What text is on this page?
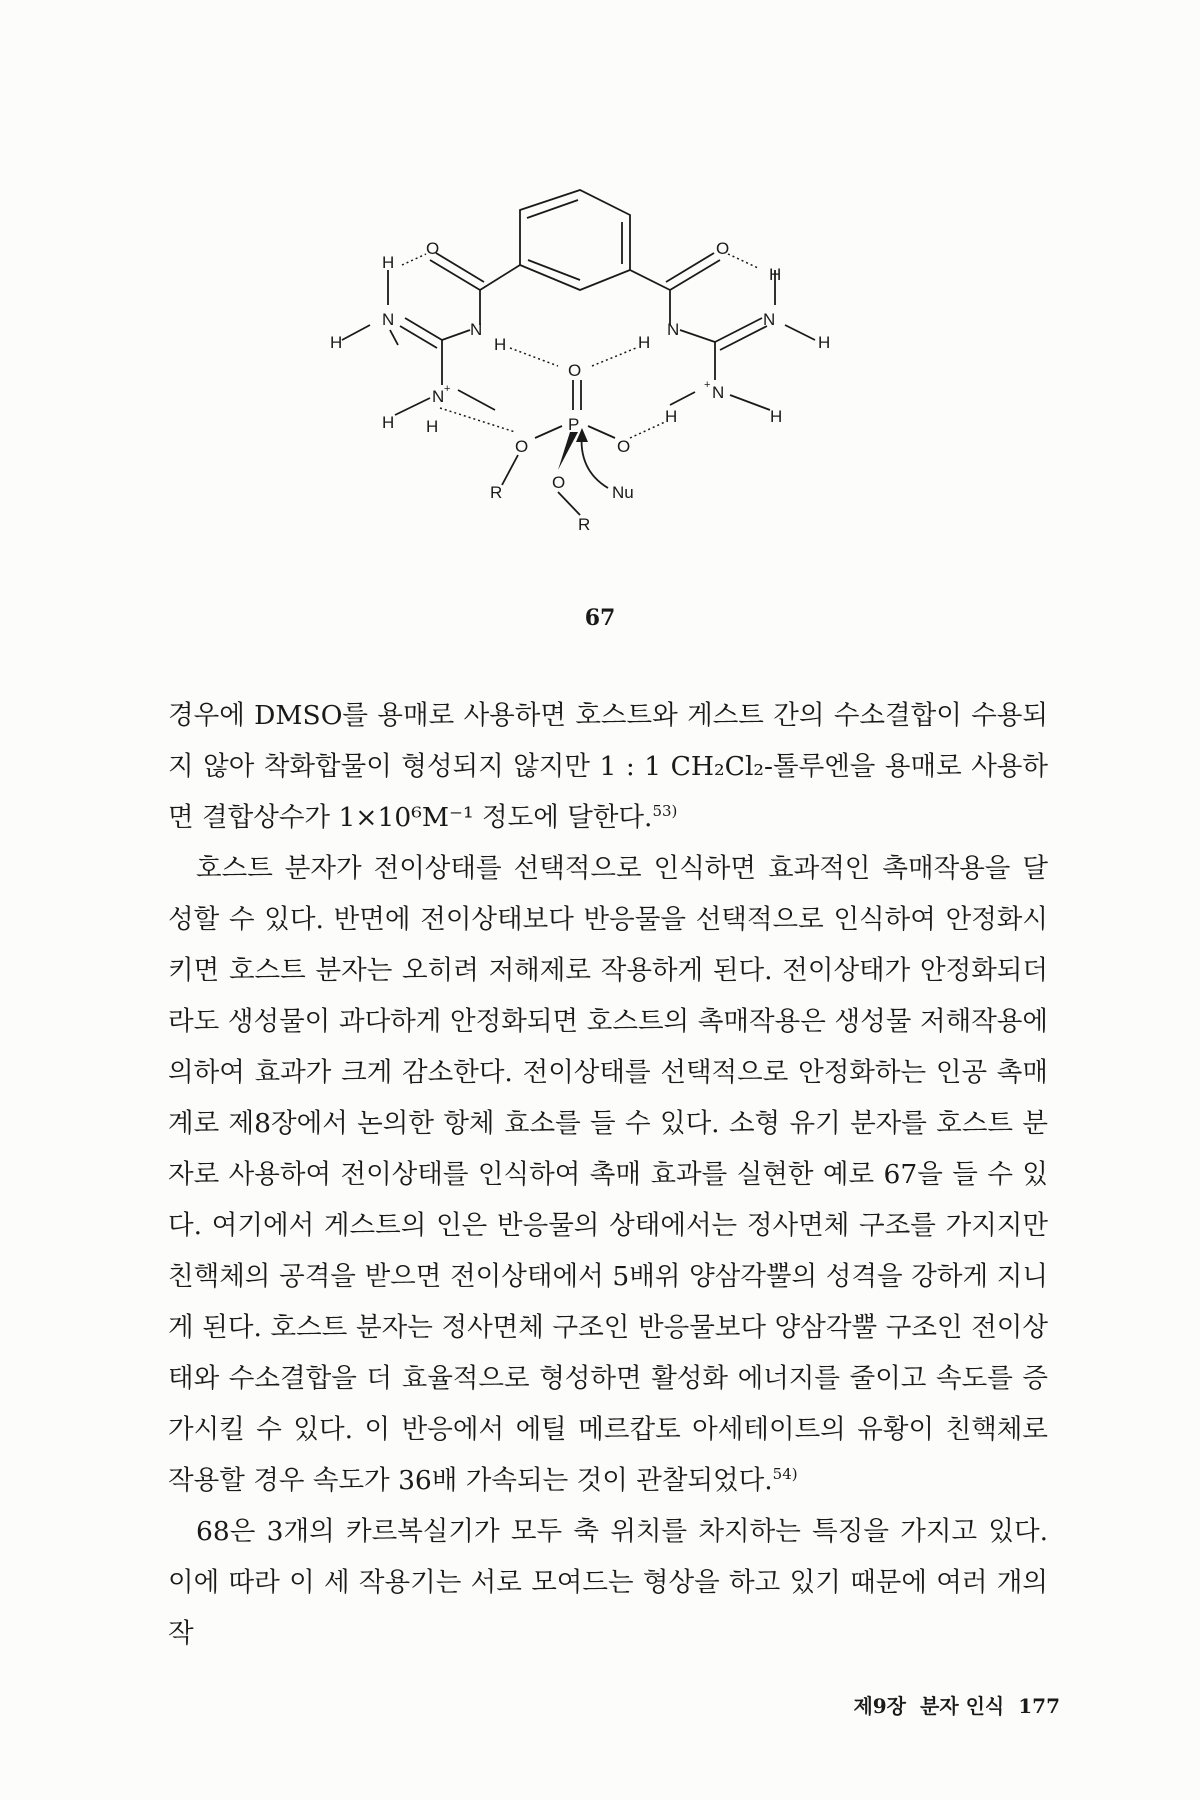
O	O
H
H
N
N	N
N
H	H
H	H
O
N +	N
+
H	H
H
H
P
O	O
R
O
Nu
R
67

경우에 DMSO를 용매로 사용하면 호스트와 게스트 간의 수소결합이 수용되지 않아 착화합물이 형성되지 않지만 1 : 1 CH₂Cl₂-톨루엔을 용매로 사용하면 결합상수가 1×10⁶M⁻¹ 정도에 달한다.$^{53)}$

호스트 분자가 전이상태를 선택적으로 인식하면 효과적인 촉매작용을 달성할 수 있다. 반면에 전이상태보다 반응물을 선택적으로 인식하여 안정화시키면 호스트 분자는 오히려 저해제로 작용하게 된다. 전이상태가 안정화되더라도 생성물이 과다하게 안정화되면 호스트의 촉매작용은 생성물 저해작용에 의하여 효과가 크게 감소한다. 전이상태를 선택적으로 안정화하는 인공 촉매계로 제8장에서 논의한 항체 효소를 들 수 있다. 소형 유기 분자를 호스트 분자로 사용하여 전이상태를 인식하여 촉매 효과를 실현한 예로 67을 들 수 있다. 여기에서 게스트의 인은 반응물의 상태에서는 정사면체 구조를 가지지만 친핵체의 공격을 받으면 전이상태에서 5배위 양삼각뿔의 성격을 강하게 지니게 된다. 호스트 분자는 정사면체 구조인 반응물보다 양삼각뿔 구조인 전이상태와 수소결합을 더 효율적으로 형성하면 활성화 에너지를 줄이고 속도를 증가시킬 수 있다. 이 반응에서 에틸 메르캅토 아세테이트의 유황이 친핵체로 작용할 경우 속도가 36배 가속되는 것이 관찰되었다.$^{54)}$

68은 3개의 카르복실기가 모두 축 위치를 차지하는 특징을 가지고 있다. 이에 따라 이 세 작용기는 서로 모여드는 형상을 하고 있기 때문에 여러 개의 작

제9장 분자 인식 177
